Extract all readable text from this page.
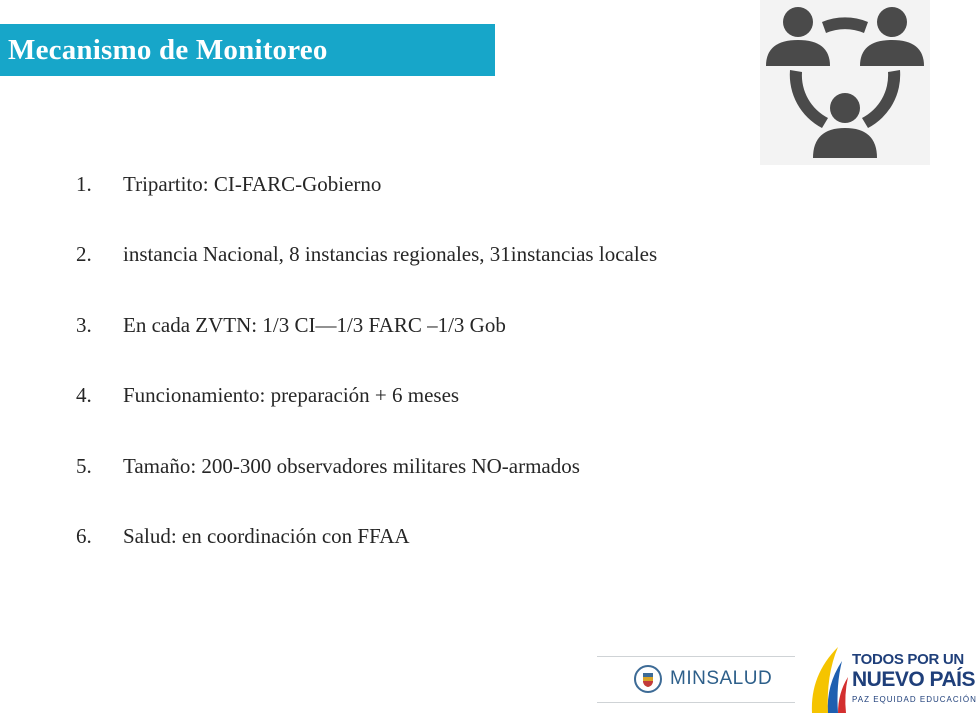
Mecanismo de Monitoreo
1. Tripartito: CI-FARC-Gobierno
2. instancia Nacional, 8 instancias regionales, 31instancias locales
3. En cada ZVTN: 1/3 CI—1/3 FARC –1/3 Gob
4. Funcionamiento: preparación + 6 meses
5. Tamaño: 200-300 observadores militares NO-armados
6. Salud: en coordinación con FFAA
MINSALUD
TODOS POR UN
NUEVO PAÍS
PAZ EQUIDAD EDUCACIÓN
